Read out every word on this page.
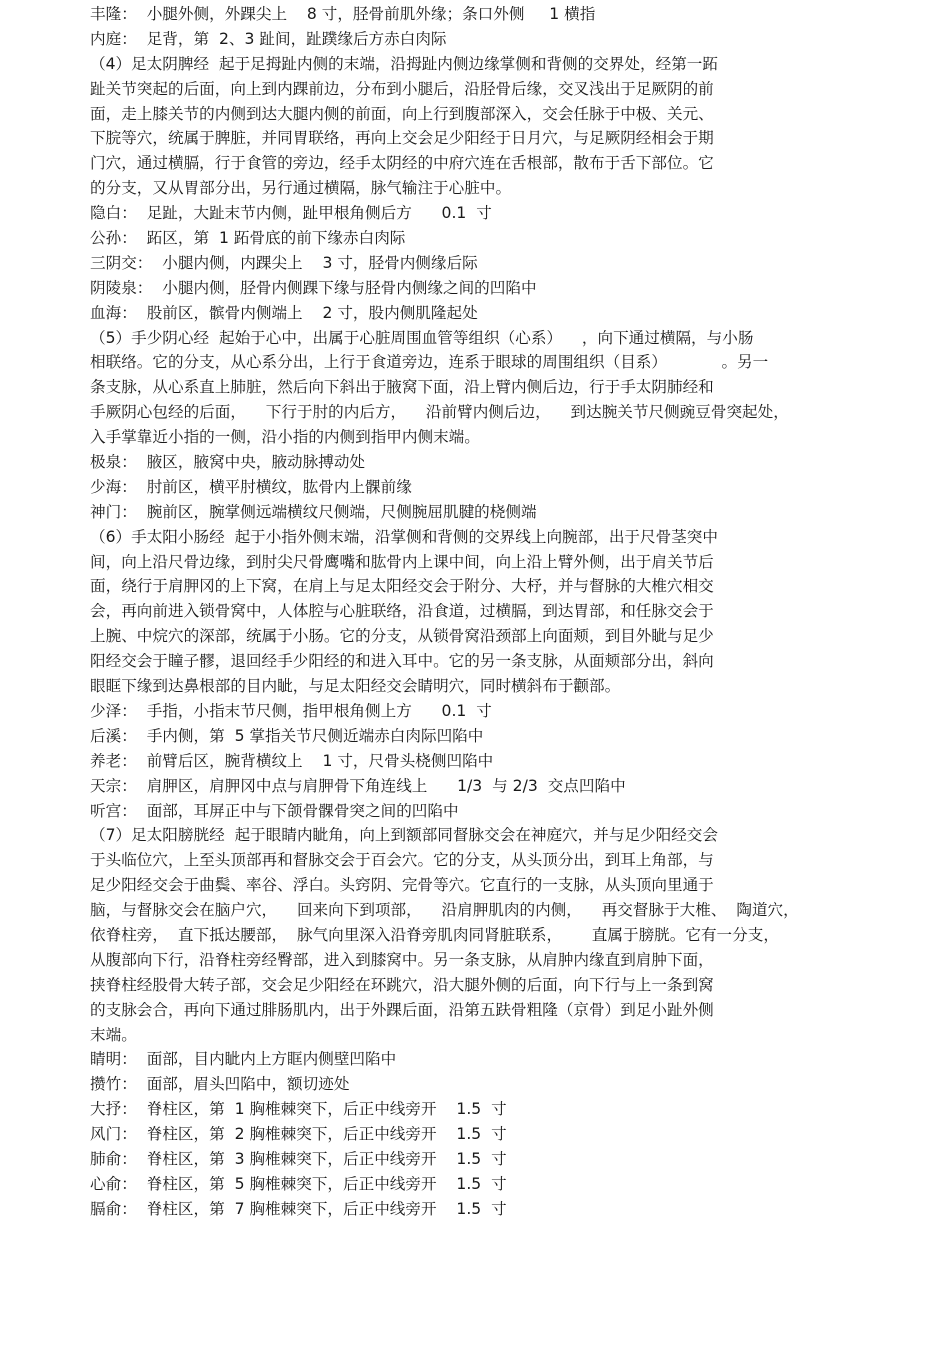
丰隆：  小腿外侧，外踝尖上    8 寸，胫骨前肌外缘；条口外侧     1 横指
内庭：  足背，第  2、3 趾间，趾蹼缘后方赤白肉际
（4）足太阴脾经  起于足拇趾内侧的末端，沿拇趾内侧边缘掌侧和背侧的交界处，经第一跖
趾关节突起的后面，向上到内踝前边，分布到小腿后，沿胫骨后缘，交叉浅出于足厥阴的前
面，走上膝关节的内侧到达大腿内侧的前面，向上行到腹部深入，交会任脉于中极、关元、
下脘等穴，统属于脾脏，并同胃联络，再向上交会足少阳经于日月穴，与足厥阴经相会于期
门穴，通过横膈，行于食管的旁边，经手太阴经的中府穴连在舌根部，散布于舌下部位。它
的分支，又从胃部分出，另行通过横隔，脉气输注于心脏中。
隐白：  足趾，大趾末节内侧，趾甲根角侧后方      0.1  寸
公孙：  跖区，第  1 跖骨底的前下缘赤白肉际
三阴交：  小腿内侧，内踝尖上    3 寸，胫骨内侧缘后际
阴陵泉：  小腿内侧，胫骨内侧踝下缘与胫骨内侧缘之间的凹陷中
血海：  股前区，髌骨内侧端上    2 寸，股内侧肌隆起处
（5）手少阴心经  起始于心中，出属于心脏周围血管等组织（心系）    ，向下通过横隔，与小肠
相联络。它的分支，从心系分出，上行于食道旁边，连系于眼球的周围组织（目系）           。另一
条支脉，从心系直上肺脏，然后向下斜出于腋窝下面，沿上臂内侧后边，行于手太阴肺经和
手厥阴心包经的后面，    下行于肘的内后方，    沿前臂内侧后边，    到达腕关节尺侧豌豆骨突起处，
入手掌靠近小指的一侧，沿小指的内侧到指甲内侧末端。
极泉：  腋区，腋窝中央，腋动脉搏动处
少海：  肘前区，横平肘横纹，肱骨内上髁前缘
神门：  腕前区，腕掌侧远端横纹尺侧端，尺侧腕屈肌腱的桡侧端
（6）手太阳小肠经  起于小指外侧末端，沿掌侧和背侧的交界线上向腕部，出于尺骨茎突中
间，向上沿尺骨边缘，到肘尖尺骨鹰嘴和肱骨内上课中间，向上沿上臂外侧，出于肩关节后
面，绕行于肩胛冈的上下窝，在肩上与足太阳经交会于附分、大杼，并与督脉的大椎穴相交
会，再向前进入锁骨窝中，人体腔与心脏联络，沿食道，过横膈，到达胃部，和任脉交会于
上腕、中烷穴的深部，统属于小肠。它的分支，从锁骨窝沿颈部上向面颊，到目外眦与足少
阳经交会于瞳子髎，退回经手少阳经的和进入耳中。它的另一条支脉，从面颊部分出，斜向
眼眶下缘到达鼻根部的目内眦，与足太阳经交会睛明穴，同时横斜布于颧部。
少泽：  手指，小指末节尺侧，指甲根角侧上方      0.1  寸
后溪：  手内侧，第  5 掌指关节尺侧近端赤白肉际凹陷中
养老：  前臂后区，腕背横纹上    1 寸，尺骨头桡侧凹陷中
天宗：  肩胛区，肩胛冈中点与肩胛骨下角连线上      1/3  与 2/3  交点凹陷中
听宫：  面部，耳屏正中与下颌骨髁骨突之间的凹陷中
（7）足太阳膀胱经  起于眼睛内眦角，向上到额部同督脉交会在神庭穴，并与足少阳经交会
于头临位穴，上至头顶部再和督脉交会于百会穴。它的分支，从头顶分出，到耳上角部，与
足少阳经交会于曲鬓、率谷、浮白。头窍阴、完骨等穴。它直行的一支脉，从头顶向里通于
脑，与督脉交会在脑户穴，    回来向下到项部，    沿肩胛肌肉的内侧，    再交督脉于大椎、  陶道穴，
依脊柱旁，  直下抵达腰部，  脉气向里深入沿脊旁肌肉同肾脏联系，      直属于膀胱。它有一分支，
从腹部向下行，沿脊柱旁经臀部，进入到膝窝中。另一条支脉，从肩肿内缘直到肩肿下面，
挟脊柱经股骨大转子部，交会足少阳经在环跳穴，沿大腿外侧的后面，向下行与上一条到窝
的支脉会合，再向下通过腓肠肌内，出于外踝后面，沿第五趺骨粗隆（京骨）到足小趾外侧
末端。
睛明：  面部，目内眦内上方眶内侧壁凹陷中
攒竹：  面部，眉头凹陷中，额切迹处
大抒：  脊柱区，第  1 胸椎棘突下，后正中线旁开    1.5  寸
风门：  脊柱区，第  2 胸椎棘突下，后正中线旁开    1.5  寸
肺俞：  脊柱区，第  3 胸椎棘突下，后正中线旁开    1.5  寸
心俞：  脊柱区，第  5 胸椎棘突下，后正中线旁开    1.5  寸
膈俞：  脊柱区，第  7 胸椎棘突下，后正中线旁开    1.5  寸
